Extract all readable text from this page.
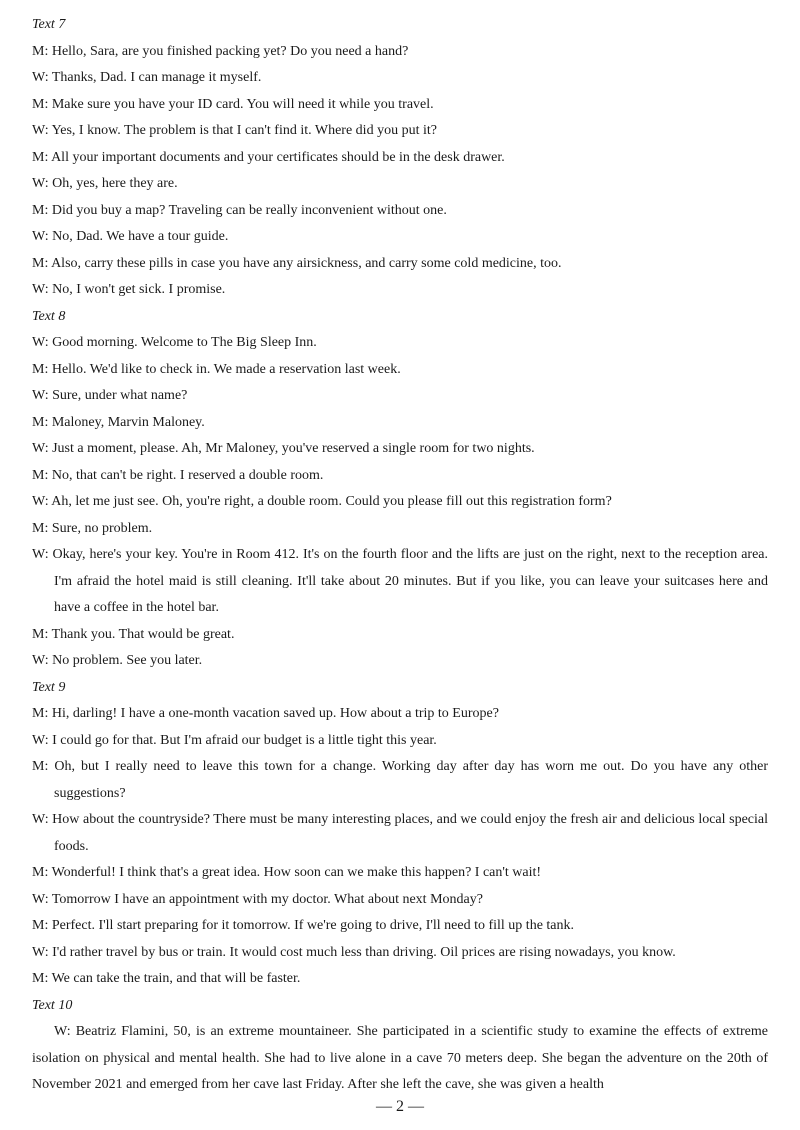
Text 7
M: Hello, Sara, are you finished packing yet? Do you need a hand?
W: Thanks, Dad. I can manage it myself.
M: Make sure you have your ID card. You will need it while you travel.
W: Yes, I know. The problem is that I can't find it. Where did you put it?
M: All your important documents and your certificates should be in the desk drawer.
W: Oh, yes, here they are.
M: Did you buy a map? Traveling can be really inconvenient without one.
W: No, Dad. We have a tour guide.
M: Also, carry these pills in case you have any airsickness, and carry some cold medicine, too.
W: No, I won't get sick. I promise.
Text 8
W: Good morning. Welcome to The Big Sleep Inn.
M: Hello. We'd like to check in. We made a reservation last week.
W: Sure, under what name?
M: Maloney, Marvin Maloney.
W: Just a moment, please. Ah, Mr Maloney, you've reserved a single room for two nights.
M: No, that can't be right. I reserved a double room.
W: Ah, let me just see. Oh, you're right, a double room. Could you please fill out this registration form?
M: Sure, no problem.
W: Okay, here's your key. You're in Room 412. It's on the fourth floor and the lifts are just on the right, next to the reception area. I'm afraid the hotel maid is still cleaning. It'll take about 20 minutes. But if you like, you can leave your suitcases here and have a coffee in the hotel bar.
M: Thank you. That would be great.
W: No problem. See you later.
Text 9
M: Hi, darling! I have a one-month vacation saved up. How about a trip to Europe?
W: I could go for that. But I'm afraid our budget is a little tight this year.
M: Oh, but I really need to leave this town for a change. Working day after day has worn me out. Do you have any other suggestions?
W: How about the countryside? There must be many interesting places, and we could enjoy the fresh air and delicious local special foods.
M: Wonderful! I think that's a great idea. How soon can we make this happen? I can't wait!
W: Tomorrow I have an appointment with my doctor. What about next Monday?
M: Perfect. I'll start preparing for it tomorrow. If we're going to drive, I'll need to fill up the tank.
W: I'd rather travel by bus or train. It would cost much less than driving. Oil prices are rising nowadays, you know.
M: We can take the train, and that will be faster.
Text 10
W: Beatriz Flamini, 50, is an extreme mountaineer. She participated in a scientific study to examine the effects of extreme isolation on physical and mental health. She had to live alone in a cave 70 meters deep. She began the adventure on the 20th of November 2021 and emerged from her cave last Friday. After she left the cave, she was given a health
— 2 —
